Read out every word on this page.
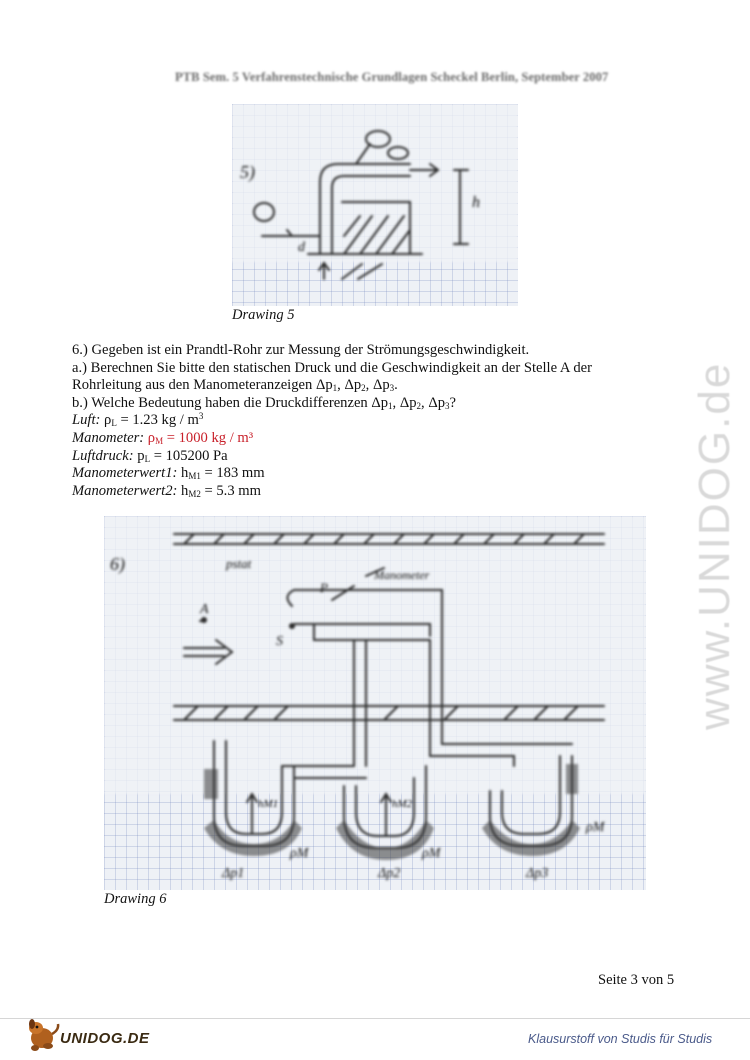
PTB Sem. 5 Verfahrenstechnische Grundlagen Scheckel Berlin, September 2007
5)
h
d
Drawing 5
6.) Gegeben ist ein Prandtl-Rohr zur Messung der Strömungsgeschwindigkeit.
a.) Berechnen Sie bitte den statischen Druck und die Geschwindigkeit an der Stelle A der
Rohrleitung aus den Manometeranzeigen $\Delta p_1$, $\Delta p_2$, $\Delta p_3$.
b.) Welche Bedeutung haben die Druckdifferenzen $\Delta p_1$, $\Delta p_2$, $\Delta p_3$?
Luft: $\rho_L = 1.23$ kg / $m^3$
Manometer: $\rho_M = 1000$ kg / m³
Luftdruck: $p_L = 105200$ Pa
Manometerwert1: $h_{M1} = 183$ mm
Manometerwert2: $h_{M2} = 5.3$ mm
6)	pstat
A
P
S
Manometer
hM1	hM2
ρM	ρM
ρM
Δp1	Δp2	Δp3
Drawing 6
www.UNIDOG.de
Seite 3 von 5
UNIDOG.DE	Klausurstoff von Studis für Studis
